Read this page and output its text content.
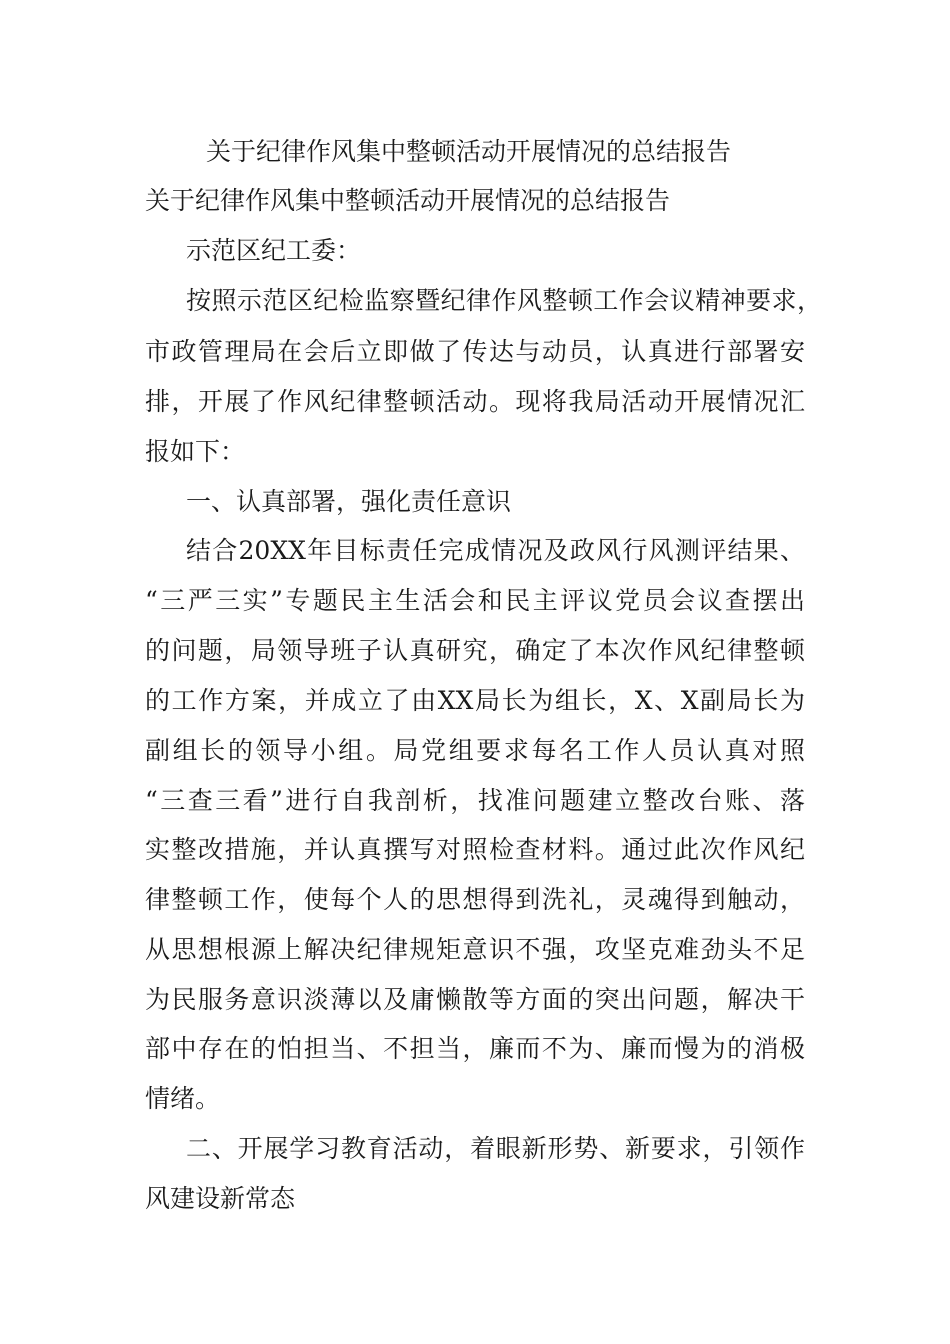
关于纪律作风集中整顿活动开展情况的总结报告
关于纪律作风集中整顿活动开展情况的总结报告
示范区纪工委：
按照示范区纪检监察暨纪律作风整顿工作会议精神要求，
市政管理局在会后立即做了传达与动员，认真进行部署安
排，开展了作风纪律整顿活动。现将我局活动开展情况汇
报如下：
一、认真部署，强化责任意识
结合20XX年目标责任完成情况及政风行风测评结果、
“三严三实”专题民主生活会和民主评议党员会议查摆出
的问题，局领导班子认真研究，确定了本次作风纪律整顿
的工作方案，并成立了由XX局长为组长，X、X副局长为
副组长的领导小组。局党组要求每名工作人员认真对照
“三查三看”进行自我剖析，找准问题建立整改台账、落
实整改措施，并认真撰写对照检查材料。通过此次作风纪
律整顿工作，使每个人的思想得到洗礼，灵魂得到触动，
从思想根源上解决纪律规矩意识不强，攻坚克难劲头不足
为民服务意识淡薄以及庸懒散等方面的突出问题，解决干
部中存在的怕担当、不担当，廉而不为、廉而慢为的消极
情绪。
二、开展学习教育活动，着眼新形势、新要求，引领作
风建设新常态
